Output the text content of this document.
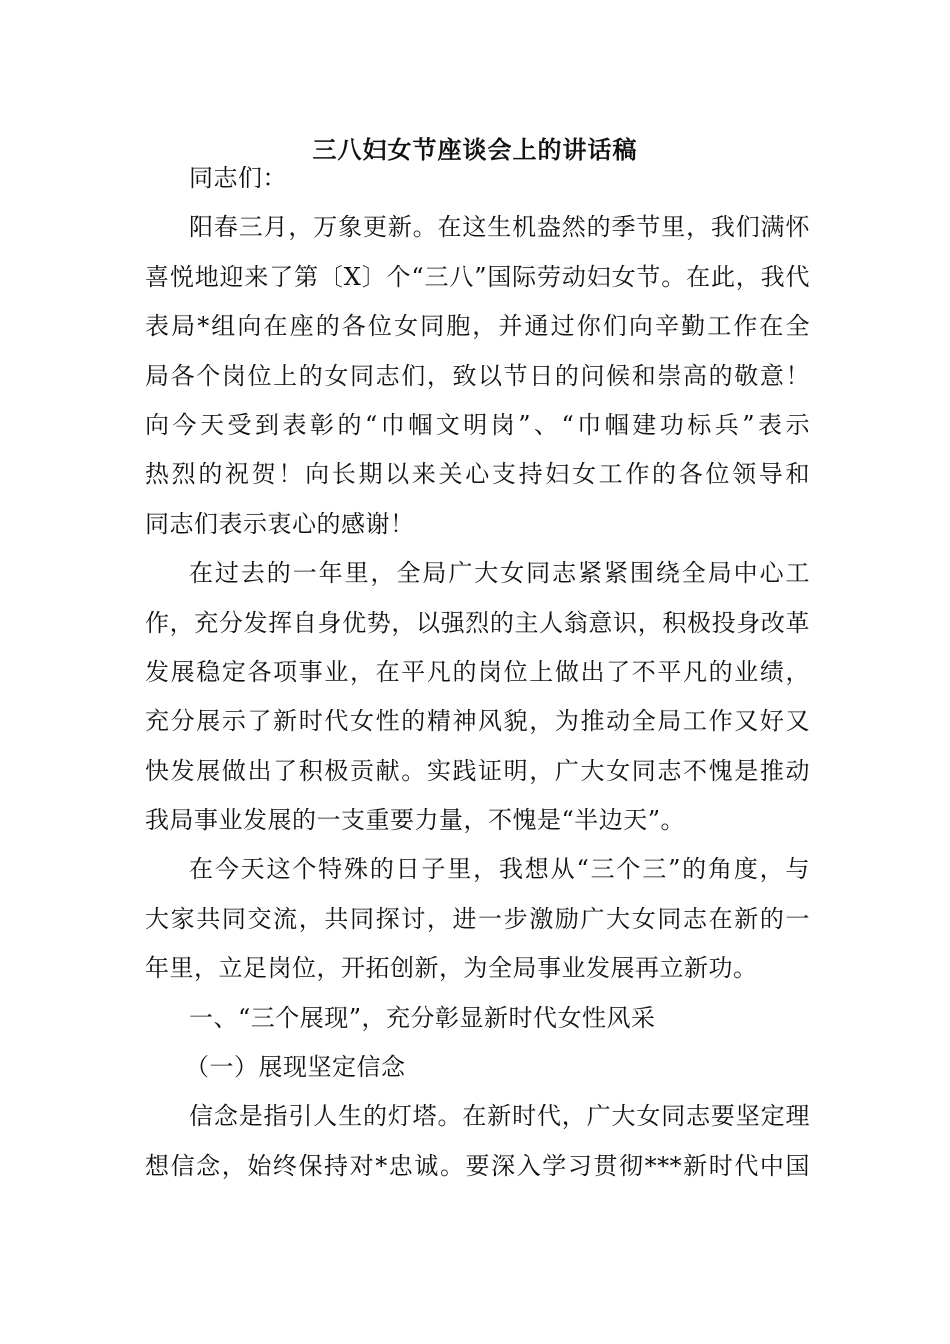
三八妇女节座谈会上的讲话稿
同志们：
阳春三月，万象更新。在这生机盎然的季节里，我们满怀
喜悦地迎来了第〔X〕个“三八”国际劳动妇女节。在此，我代
表局*组向在座的各位女同胞，并通过你们向辛勤工作在全
局各个岗位上的女同志们，致以节日的问候和崇高的敬意！
向今天受到表彰的“巾帼文明岗”、“巾帼建功标兵”表示
热烈的祝贺！向长期以来关心支持妇女工作的各位领导和
同志们表示衷心的感谢！
在过去的一年里，全局广大女同志紧紧围绕全局中心工
作，充分发挥自身优势，以强烈的主人翁意识，积极投身改革
发展稳定各项事业，在平凡的岗位上做出了不平凡的业绩，
充分展示了新时代女性的精神风貌，为推动全局工作又好又
快发展做出了积极贡献。实践证明，广大女同志不愧是推动
我局事业发展的一支重要力量，不愧是“半边天”。
在今天这个特殊的日子里，我想从“三个三”的角度，与
大家共同交流，共同探讨，进一步激励广大女同志在新的一
年里，立足岗位，开拓创新，为全局事业发展再立新功。
一、“三个展现”，充分彰显新时代女性风采
（一）展现坚定信念
信念是指引人生的灯塔。在新时代，广大女同志要坚定理
想信念，始终保持对*忠诚。要深入学习贯彻***新时代中国
